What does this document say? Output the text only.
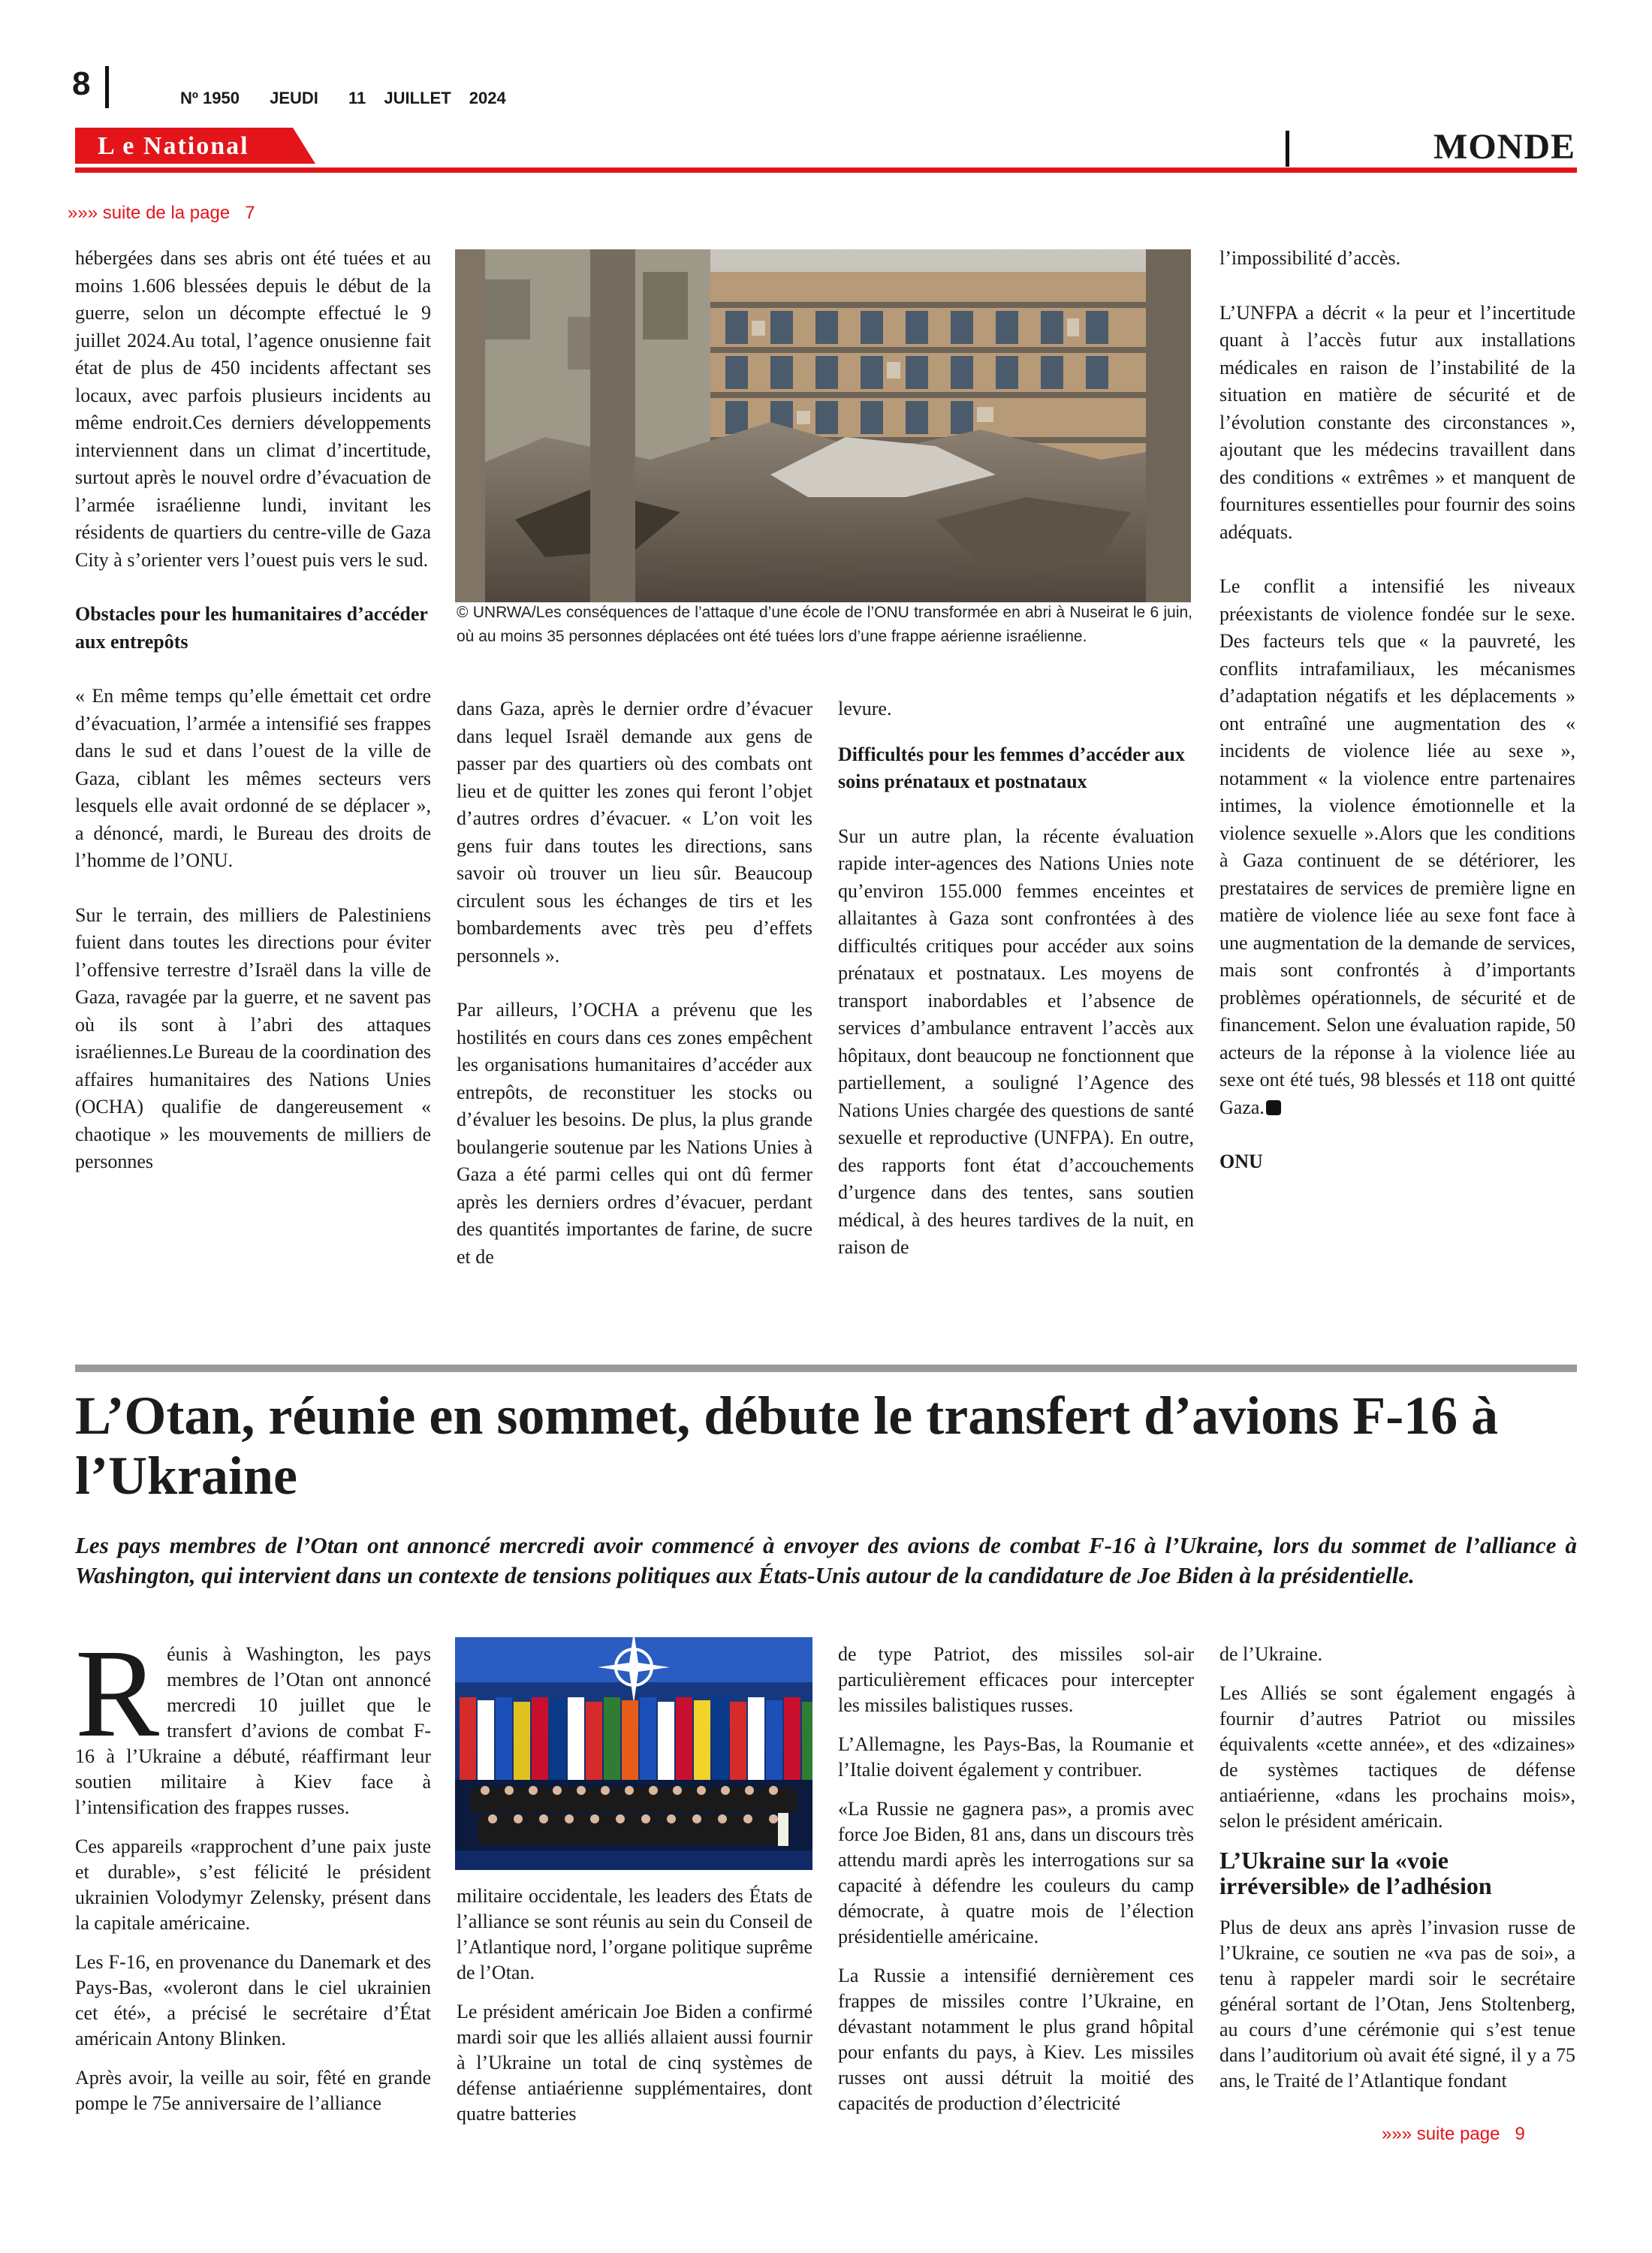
8	Nº 1950 JEUDI 11 JUILLET 2024
L e National	MONDE
»»» suite de la page 7

hébergées dans ses abris ont été tuées et au moins 1.606 blessées depuis le début de la guerre, selon un décompte effectué le 9 juillet 2024.Au total, l’agence onusienne fait état de plus de 450 incidents affectant ses locaux, avec parfois plusieurs incidents au même endroit.Ces derniers développements interviennent dans un climat d’incertitude, surtout après le nouvel ordre d’évacuation de l’armée israélienne lundi, invitant les résidents de quartiers du centre-ville de Gaza City à s’orienter vers l’ouest puis vers le sud.

Obstacles pour les humanitaires d’accéder aux entrepôts

« En même temps qu’elle émettait cet ordre d’évacuation, l’armée a intensifié ses frappes dans le sud et dans l’ouest de la ville de Gaza, ciblant les mêmes secteurs vers lesquels elle avait ordonné de se déplacer », a dénoncé, mardi, le Bureau des droits de l’homme de l’ONU.

Sur le terrain, des milliers de Palestiniens fuient dans toutes les directions pour éviter l’offensive terrestre d’Israël dans la ville de Gaza, ravagée par la guerre, et ne savent pas où ils sont à l’abri des attaques israéliennes.Le Bureau de la coordination des affaires humanitaires des Nations Unies (OCHA) qualifie de dangereusement « chaotique » les mouvements de milliers de personnes

© UNRWA/Les conséquences de l’attaque d’une école de l’ONU transformée en abri à Nuseirat le 6 juin, où au moins 35 personnes déplacées ont été tuées lors d’une frappe aérienne israélienne.

dans Gaza, après le dernier ordre d’évacuer dans lequel Israël demande aux gens de passer par des quartiers où des combats ont lieu et de quitter les zones qui feront l’objet d’autres ordres d’évacuer. « L’on voit les gens fuir dans toutes les directions, sans savoir où trouver un lieu sûr. Beaucoup circulent sous les échanges de tirs et les bombardements avec très peu d’effets personnels ».

Par ailleurs, l’OCHA a prévenu que les hostilités en cours dans ces zones empêchent les organisations humanitaires d’accéder aux entrepôts, de reconstituer les stocks ou d’évaluer les besoins. De plus, la plus grande boulangerie soutenue par les Nations Unies à Gaza a été parmi celles qui ont dû fermer après les derniers ordres d’évacuer, perdant des quantités importantes de farine, de sucre et de

levure.

Difficultés pour les femmes d’accéder aux soins prénataux et postnataux

Sur un autre plan, la récente évaluation rapide inter-agences des Nations Unies note qu’environ 155.000 femmes enceintes et allaitantes à Gaza sont confrontées à des difficultés critiques pour accéder aux soins prénataux et postnataux. Les moyens de transport inabordables et l’absence de services d’ambulance entravent l’accès aux hôpitaux, dont beaucoup ne fonctionnent que partiellement, a souligné l’Agence des Nations Unies chargée des questions de santé sexuelle et reproductive (UNFPA). En outre, des rapports font état d’accouchements d’urgence dans des tentes, sans soutien médical, à des heures tardives de la nuit, en raison de

l’impossibilité d’accès.

L’UNFPA a décrit « la peur et l’incertitude quant à l’accès futur aux installations médicales en raison de l’instabilité de la situation en matière de sécurité et de l’évolution constante des circonstances », ajoutant que les médecins travaillent dans des conditions « extrêmes » et manquent de fournitures essentielles pour fournir des soins adéquats.

Le conflit a intensifié les niveaux préexistants de violence fondée sur le sexe. Des facteurs tels que « la pauvreté, les conflits intrafamiliaux, les mécanismes d’adaptation négatifs et les déplacements » ont entraîné une augmentation des « incidents de violence liée au sexe », notamment « la violence entre partenaires intimes, la violence émotionnelle et la violence sexuelle ».Alors que les conditions à Gaza continuent de se détériorer, les prestataires de services de première ligne en matière de violence liée au sexe font face à une augmentation de la demande de services, mais sont confrontés à d’importants problèmes opérationnels, de sécurité et de financement. Selon une évaluation rapide, 50 acteurs de la réponse à la violence liée au sexe ont été tués, 98 blessés et 118 ont quitté Gaza.

ONU

L’Otan, réunie en sommet, débute le transfert d’avions F-16 à l’Ukraine
Les pays membres de l’Otan ont annoncé mercredi avoir commencé à envoyer des avions de combat F-16 à l’Ukraine, lors du sommet de l’alliance à Washington, qui intervient dans un contexte de tensions politiques aux États-Unis autour de la candidature de Joe Biden à la présidentielle.

Réunis à Washington, les pays membres de l’Otan ont annoncé mercredi 10 juillet que le transfert d’avions de combat F-16 à l’Ukraine a débuté, réaffirmant leur soutien militaire à Kiev face à l’intensification des frappes russes.

Ces appareils «rapprochent d’une paix juste et durable», s’est félicité le président ukrainien Volodymyr Zelensky, présent dans la capitale américaine.

Les F-16, en provenance du Danemark et des Pays-Bas, «voleront dans le ciel ukrainien cet été», a précisé le secrétaire d’État américain Antony Blinken.

Après avoir, la veille au soir, fêté en grande pompe le 75e anniversaire de l’alliance

militaire occidentale, les leaders des États de l’alliance se sont réunis au sein du Conseil de l’Atlantique nord, l’organe politique suprême de l’Otan.

Le président américain Joe Biden a confirmé mardi soir que les alliés allaient aussi fournir à l’Ukraine un total de cinq systèmes de défense antiaérienne supplémentaires, dont quatre batteries

de type Patriot, des missiles sol-air particulièrement efficaces pour intercepter les missiles balistiques russes.

L’Allemagne, les Pays-Bas, la Roumanie et l’Italie doivent également y contribuer.

«La Russie ne gagnera pas», a promis avec force Joe Biden, 81 ans, dans un discours très attendu mardi après les interrogations sur sa capacité à défendre les couleurs du camp démocrate, à quatre mois de l’élection présidentielle américaine.

La Russie a intensifié dernièrement ces frappes de missiles contre l’Ukraine, en dévastant notamment le plus grand hôpital pour enfants du pays, à Kiev. Les missiles russes ont aussi détruit la moitié des capacités de production d’électricité

de l’Ukraine.

Les Alliés se sont également engagés à fournir d’autres Patriot ou missiles équivalents «cette année», et des «dizaines» de systèmes tactiques de défense antiaérienne, «dans les prochains mois», selon le président américain.

L’Ukraine sur la «voie irréversible» de l’adhésion

Plus de deux ans après l’invasion russe de l’Ukraine, ce soutien ne «va pas de soi», a tenu à rappeler mardi soir le secrétaire général sortant de l’Otan, Jens Stoltenberg, au cours d’une cérémonie qui s’est tenue dans l’auditorium où avait été signé, il y a 75 ans, le Traité de l’Atlantique fondant

»»» suite page 9
